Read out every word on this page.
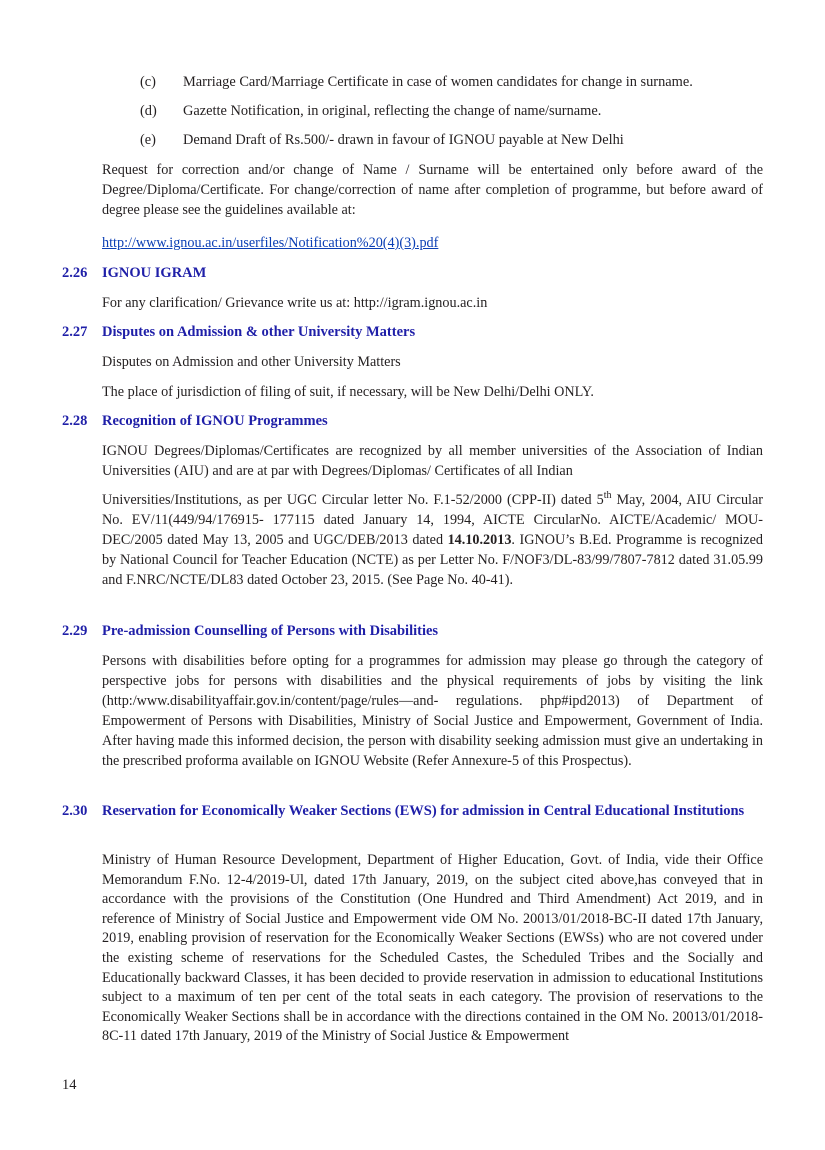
(c)	Marriage Card/Marriage Certificate in case of women candidates for change in surname.
(d)	Gazette Notification, in original, reflecting the change of name/surname.
(e)	Demand Draft of Rs.500/- drawn in favour of IGNOU payable at New Delhi

Request for correction and/or change of Name / Surname will be entertained only before award of the Degree/Diploma/Certificate. For change/correction of name after completion of programme, but before award of degree please see the guidelines available at:

http://www.ignou.ac.in/userfiles/Notification%20(4)(3).pdf
2.26 IGNOU IGRAM

For any clarification/ Grievance write us at: http://igram.ignou.ac.in

2.27 Disputes on Admission & other University Matters

Disputes on Admission and other University Matters

The place of jurisdiction of filing of suit, if necessary, will be New Delhi/Delhi ONLY.

2.28 Recognition of IGNOU Programmes

IGNOU Degrees/Diplomas/Certificates are recognized by all member universities of the Association of Indian Universities (AIU) and are at par with Degrees/Diplomas/ Certificates of all Indian

Universities/Institutions, as per UGC Circular letter No. F.1-52/2000 (CPP-II) dated 5th May, 2004, AIU Circular No. EV/11(449/94/176915- 177115 dated January 14, 1994, AICTE CircularNo. AICTE/Academic/ MOU-DEC/2005 dated May 13, 2005 and UGC/DEB/2013 dated 14.10.2013. IGNOU’s B.Ed. Programme is recognized by National Council for Teacher Education (NCTE) as per Letter No. F/NOF3/DL-83/99/7807-7812 dated 31.05.99 and F.NRC/NCTE/DL83 dated October 23, 2015. (See Page No. 40-41).

2.29 Pre-admission Counselling of Persons with Disabilities

Persons with disabilities before opting for a programmes for admission may please go through the category of perspective jobs for persons with disabilities and the physical requirements of jobs by visiting the link (http:/www.disabilityaffair.gov.in/content/page/rules—and- regulations. php#ipd2013) of Department of Empowerment of Persons with Disabilities, Ministry of Social Justice and Empowerment, Government of India. After having made this informed decision, the person with disability seeking admission must give an undertaking in the prescribed proforma available on IGNOU Website (Refer Annexure-5 of this Prospectus).

2.30 Reservation for Economically Weaker Sections (EWS) for admission in Central Educational Institutions

Ministry of Human Resource Development, Department of Higher Education, Govt. of India, vide their Office Memorandum F.No. 12-4/2019-Ul, dated 17th January, 2019, on the subject cited above,has conveyed that in accordance with the provisions of the Constitution (One Hundred and Third Amendment) Act 2019, and in reference of Ministry of Social Justice and Empowerment vide OM No. 20013/01/2018-BC-II dated 17th January, 2019, enabling provision of reservation for the Economically Weaker Sections (EWSs) who are not covered under the existing scheme of reservations for the Scheduled Castes, the Scheduled Tribes and the Socially and Educationally backward Classes, it has been decided to provide reservation in admission to educational Institutions subject to a maximum of ten per cent of the total seats in each category. The provision of reservations to the Economically Weaker Sections shall be in accordance with the directions contained in the OM No. 20013/01/2018-8C-11 dated 17th January, 2019 of the Ministry of Social Justice & Empowerment

14
